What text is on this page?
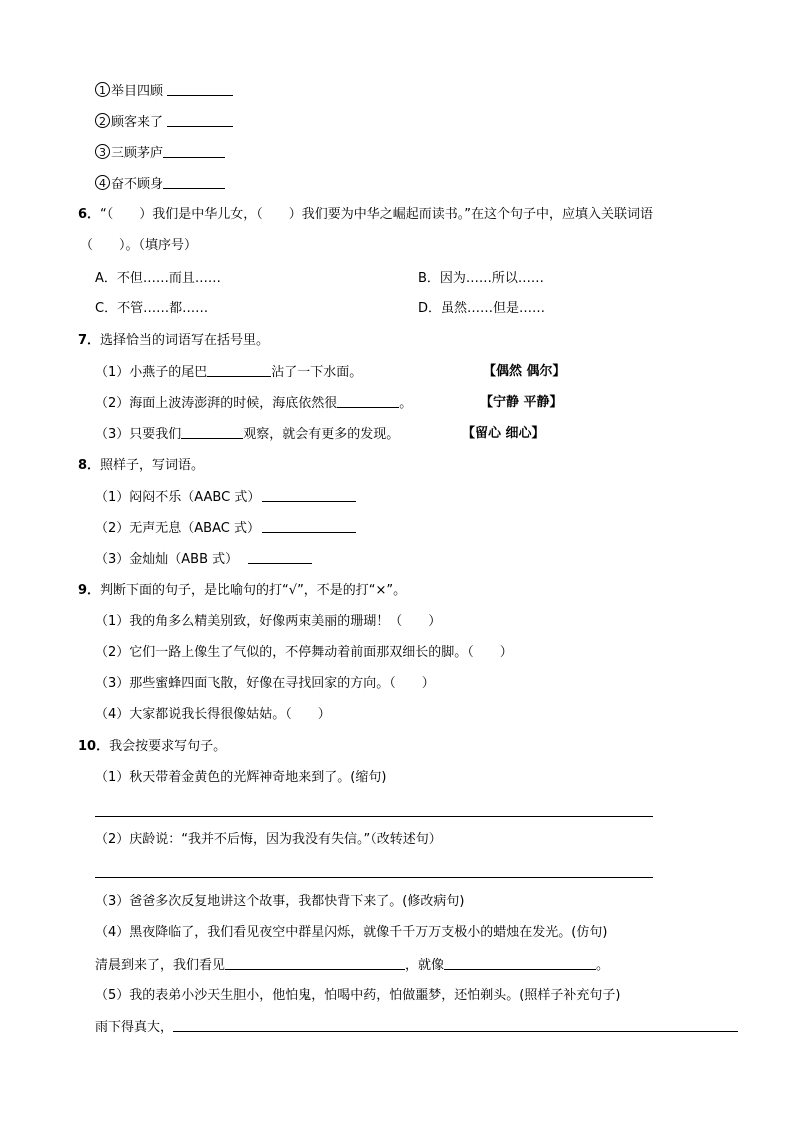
1 举目四顾
2 顾客来了
3 三顾茅庐
4 奋不顾身
6．“（　　）我们是中华儿女，（　　）我们要为中华之崛起而读书。”在这个句子中，应填入关联词语
（　　）。（填序号）
A．不但……而且……	B．因为……所以……
C．不管……都……	D．虽然……但是……
7．选择恰当的词语写在括号里。
（1）小燕子的尾巴	沾了一下水面。	【偶然 偶尔】
（2）海面上波涛澎湃的时候，海底依然很	。	【宁静 平静】
（3）只要我们	观察，就会有更多的发现。	【留心 细心】
8．照样子，写词语。
（1）闷闷不乐（AABC 式）
（2）无声无息（ABAC 式）
（3）金灿灿（ABB 式）
9．判断下面的句子，是比喻句的打“√”，不是的打“×”。
（1）我的角多么精美别致，好像两束美丽的珊瑚！（　　）
（2）它们一路上像生了气似的，不停舞动着前面那双细长的脚。（　　）
（3）那些蜜蜂四面飞散，好像在寻找回家的方向。（　　）
（4）大家都说我长得很像姑姑。（　　）
10．我会按要求写句子。
（1）秋天带着金黄色的光辉神奇地来到了。(缩句)
（2）庆龄说：“我并不后悔，因为我没有失信。”（改转述句）
（3）爸爸多次反复地讲这个故事，我都快背下来了。(修改病句)
（4）黑夜降临了，我们看见夜空中群星闪烁，就像千千万万支极小的蜡烛在发光。(仿句)
清晨到来了，我们看见	，就像	。
（5）我的表弟小沙天生胆小，他怕鬼，怕喝中药，怕做噩梦，还怕剃头。(照样子补充句子)
雨下得真大，
